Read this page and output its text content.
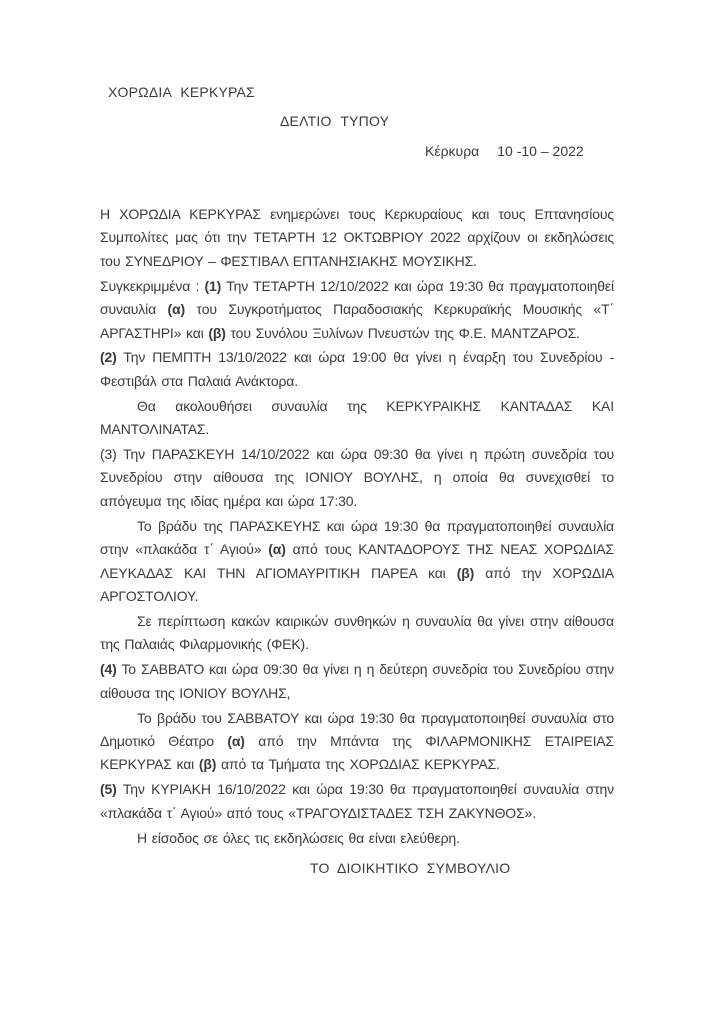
ΧΟΡΩΔΙΑ ΚΕΡΚΥΡΑΣ
ΔΕΛΤΙΟ ΤΥΠΟΥ
Κέρκυρα 10 -10 – 2022

Η ΧΟΡΩΔΙΑ ΚΕΡΚΥΡΑΣ ενημερώνει τους Κερκυραίους και τους Επτανησίους Συμπολίτες μας ότι την ΤΕΤΑΡΤΗ 12 ΟΚΤΩΒΡΙΟΥ 2022 αρχίζουν οι εκδηλώσεις του ΣΥΝΕΔΡΙΟΥ – ΦΕΣΤΙΒΑΛ ΕΠΤΑΝΗΣΙΑΚΗΣ ΜΟΥΣΙΚΗΣ.

Συγκεκριμμένα : (1) Την ΤΕΤΑΡΤΗ 12/10/2022 και ώρα 19:30 θα πραγματοποιηθεί συναυλία (α) του Συγκροτήματος Παραδοσιακής Κερκυραϊκής Μουσικής «Τ΄ ΑΡΓΑΣΤΗΡΙ» και (β) του Συνόλου Ξυλίνων Πνευστών της Φ.Ε. ΜΑΝΤΖΑΡΟΣ.

(2) Την ΠΕΜΠΤΗ 13/10/2022 και ώρα 19:00 θα γίνει η έναρξη του Συνεδρίου - Φεστιβάλ στα Παλαιά Ανάκτορα.

Θα ακολουθήσει συναυλία της ΚΕΡΚΥΡΑΙΚΗΣ ΚΑΝΤΑΔΑΣ ΚΑΙ ΜΑΝΤΟΛΙΝΑΤΑΣ.

(3) Την ΠΑΡΑΣΚΕΥΗ 14/10/2022 και ώρα 09:30 θα γίνει η πρώτη συνεδρία του Συνεδρίου στην αίθουσα της ΙΟΝΙΟΥ ΒΟΥΛΗΣ, η οποία θα συνεχισθεί το απόγευμα της ιδίας ημέρα και ώρα 17:30.

Το βράδυ της ΠΑΡΑΣΚΕΥΗΣ και ώρα 19:30 θα πραγματοποιηθεί συναυλία στην «πλακάδα τ΄ Αγιού» (α) από τους ΚΑΝΤΑΔΟΡΟΥΣ ΤΗΣ ΝΕΑΣ ΧΟΡΩΔΙΑΣ ΛΕΥΚΑΔΑΣ ΚΑΙ ΤΗΝ ΑΓΙΟΜΑΥΡΙΤΙΚΗ ΠΑΡΕΑ και (β) από την ΧΟΡΩΔΙΑ ΑΡΓΟΣΤΟΛΙΟΥ.

Σε περίπτωση κακών καιρικών συνθηκών η συναυλία θα γίνει στην αίθουσα της Παλαιάς Φιλαρμονικής (ΦΕΚ).

(4) Το ΣΑΒΒΑΤΟ και ώρα 09:30 θα γίνει η η δεύτερη συνεδρία του Συνεδρίου στην αίθουσα της ΙΟΝΙΟΥ ΒΟΥΛΗΣ,

Το βράδυ του ΣΑΒΒΑΤΟΥ και ώρα 19:30 θα πραγματοποιηθεί συναυλία στο Δημοτικό Θέατρο (α) από την Μπάντα της ΦΙΛΑΡΜΟΝΙΚΗΣ ΕΤΑΙΡΕΙΑΣ ΚΕΡΚΥΡΑΣ και (β) από τα Τμήματα της ΧΟΡΩΔΙΑΣ ΚΕΡΚΥΡΑΣ.

(5) Την ΚΥΡΙΑΚΗ 16/10/2022 και ώρα 19:30 θα πραγματοποιηθεί συναυλία στην «πλακάδα τ΄ Αγιού» από τους «ΤΡΑΓΟΥΔΙΣΤΑΔΕΣ ΤΣΗ ΖΑΚΥΝΘΟΣ».

Η είσοδος σε όλες τις εκδηλώσεις θα είναι ελεύθερη.

ΤΟ ΔΙΟΙΚΗΤΙΚΟ ΣΥΜΒΟΥΛΙΟ
